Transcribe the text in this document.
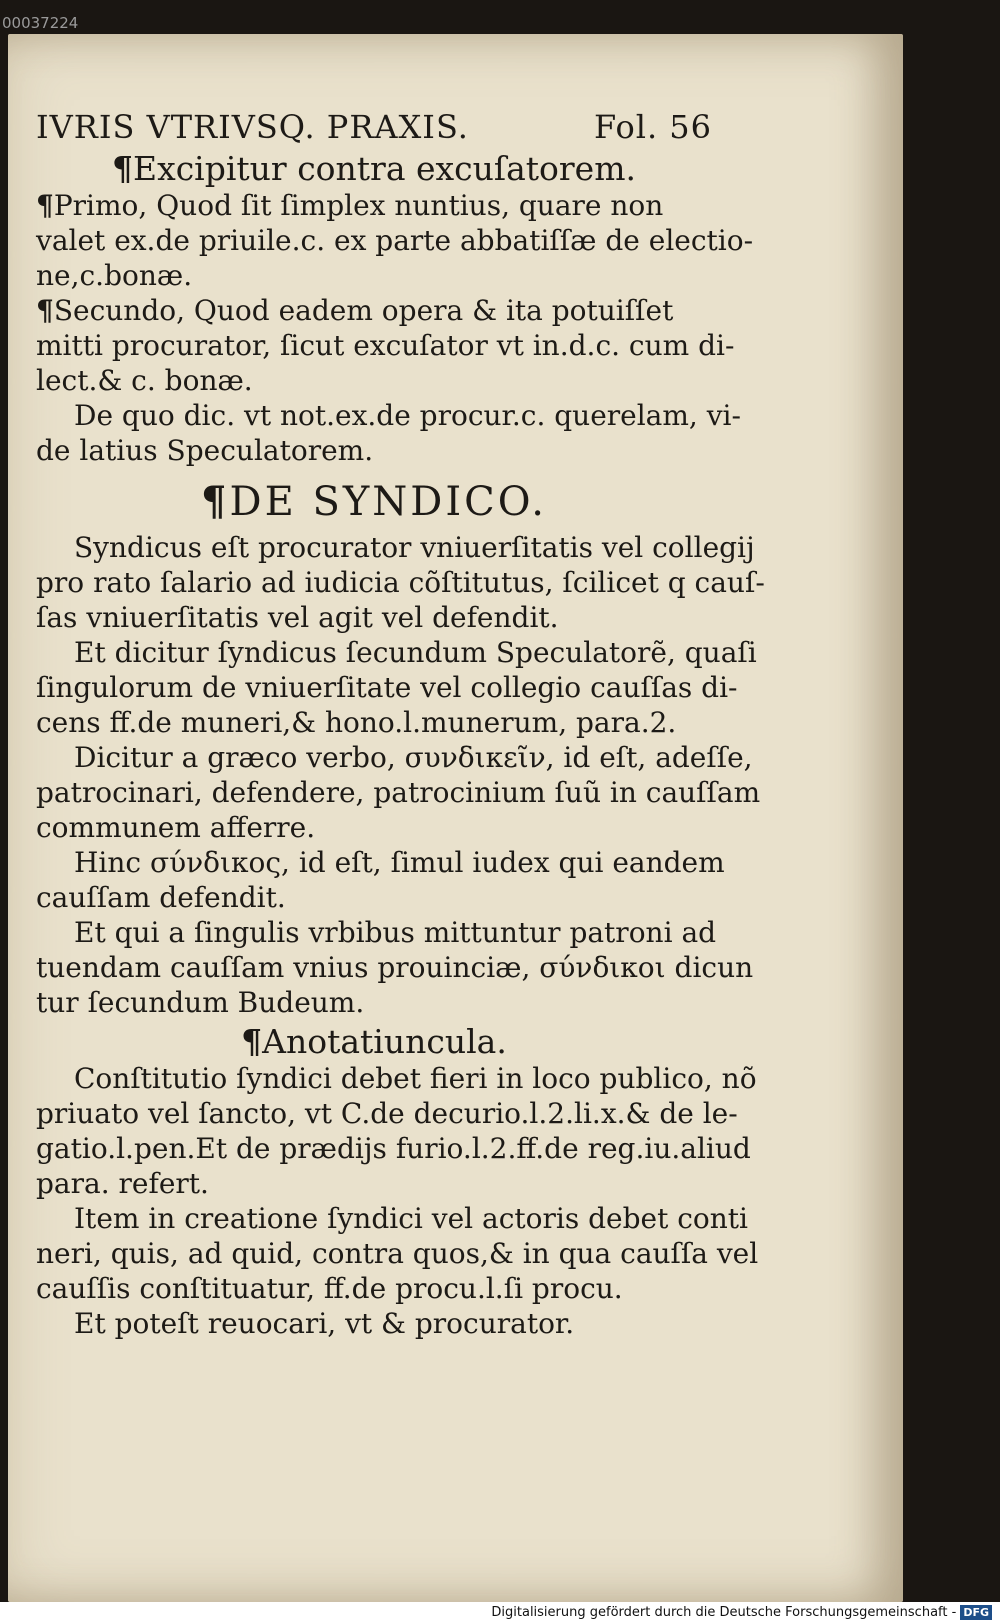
00037224
IVRIS VTRIVSQ. PRAXIS.	Fol. 56
¶Excipitur contra excuſatorem.
¶Primo, Quod ſit ſimplex nuntius, quare non
valet ex.de priuile.c. ex parte abbatiſſæ de electio-
ne,c.bonæ.
¶Secundo, Quod eadem opera & ita potuiſſet
mitti procurator, ſicut excuſator vt in.d.c. cum di-
lect.& c. bonæ.
De quo dic. vt not.ex.de procur.c. querelam, vi-
de latius Speculatorem.
¶DE SYNDICO.
Syndicus eſt procurator vniuerſitatis vel collegij
pro rato ſalario ad iudicia cõſtitutus, ſcilicet q cauſ-
ſas vniuerſitatis vel agit vel defendit.
Et dicitur ſyndicus ſecundum Speculatorẽ, quaſi
ſingulorum de vniuerſitate vel collegio cauſſas di-
cens ff.de muneri,& hono.l.munerum, para.2.
Dicitur a græco verbo, συνδικεῖν, id eſt, adeſſe,
patrocinari, defendere, patrocinium ſuũ in cauſſam
communem afferre.
Hinc σύνδικος, id eſt, ſimul iudex qui eandem
cauſſam defendit.
Et qui a ſingulis vrbibus mittuntur patroni ad
tuendam cauſſam vnius prouinciæ, σύνδικοι dicun
tur ſecundum Budeum.
¶Anotatiuncula.
Conſtitutio ſyndici debet fieri in loco publico, nõ
priuato vel ſancto, vt C.de decurio.l.2.li.x.& de le-
gatio.l.pen.Et de prædijs furio.l.2.ff.de reg.iu.aliud
para. refert.
Item in creatione ſyndici vel actoris debet conti
neri, quis, ad quid, contra quos,& in qua cauſſa vel
cauſſis conſtituatur, ff.de procu.l.ſi procu.
Et poteſt reuocari, vt & procurator.
Digitalisierung gefördert durch die Deutsche Forschungsgemeinschaft - DFG
